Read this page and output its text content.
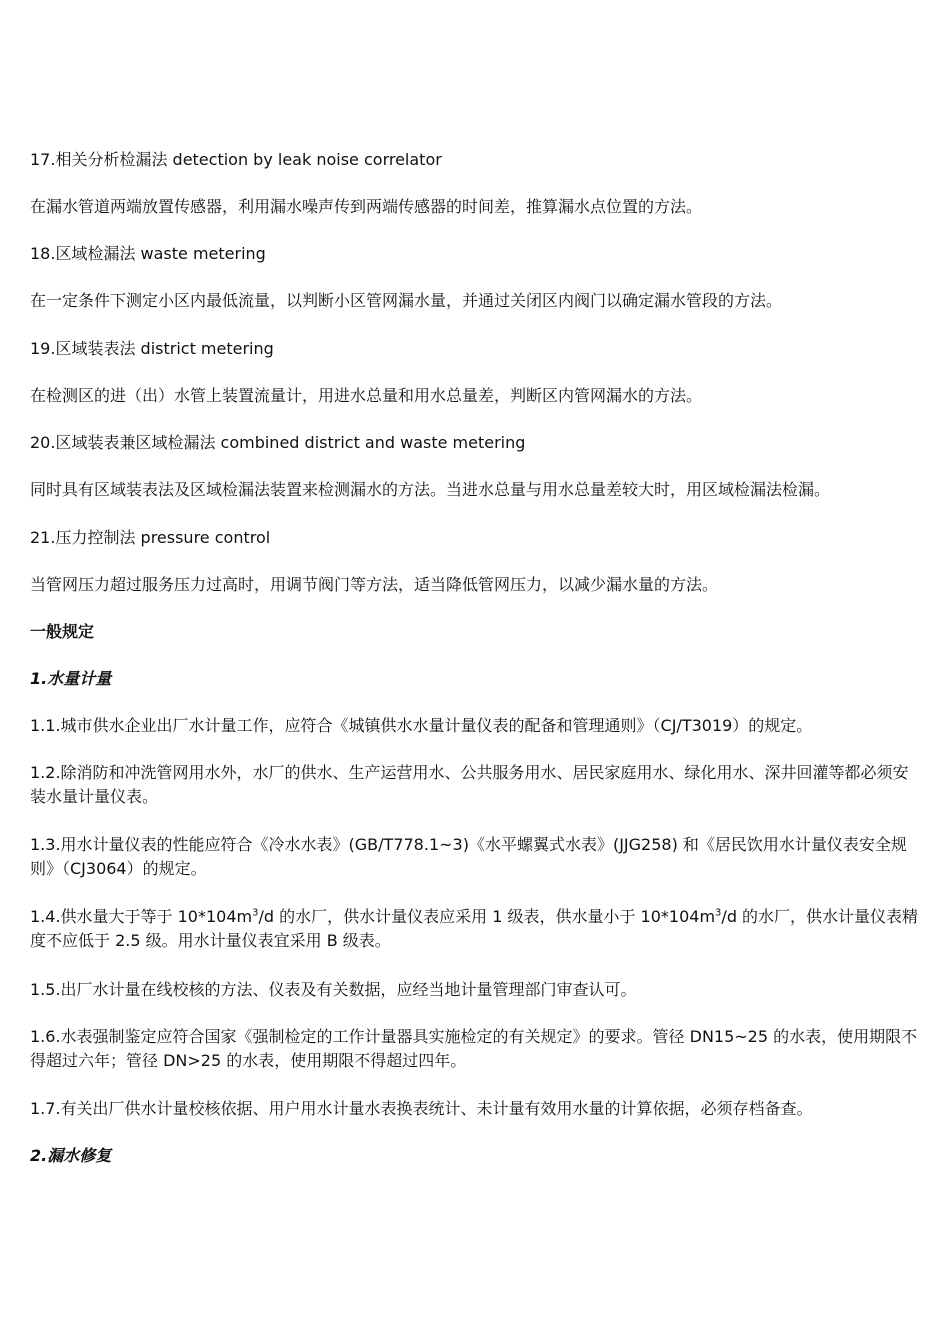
17.相关分析检漏法 detection by leak noise correlator

在漏水管道两端放置传感器，利用漏水噪声传到两端传感器的时间差，推算漏水点位置的方法。

18.区域检漏法 waste metering

在一定条件下测定小区内最低流量，以判断小区管网漏水量，并通过关闭区内阀门以确定漏水管段的方法。

19.区域装表法 district metering

在检测区的进（出）水管上装置流量计，用进水总量和用水总量差，判断区内管网漏水的方法。

20.区域装表兼区域检漏法 combined district and waste metering

同时具有区域装表法及区域检漏法装置来检测漏水的方法。当进水总量与用水总量差较大时，用区域检漏法检漏。

21.压力控制法 pressure control

当管网压力超过服务压力过高时，用调节阀门等方法，适当降低管网压力，以减少漏水量的方法。

一般规定

1.水量计量

1.1.城市供水企业出厂水计量工作，应符合《城镇供水水量计量仪表的配备和管理通则》（CJ/T3019）的规定。

1.2.除消防和冲洗管网用水外，水厂的供水、生产运营用水、公共服务用水、居民家庭用水、绿化用水、深井回灌等都必须安装水量计量仪表。

1.3.用水计量仪表的性能应符合《冷水水表》(GB/T778.1~3)《水平螺翼式水表》(JJG258) 和《居民饮用水计量仪表安全规则》（CJ3064）的规定。

1.4.供水量大于等于 $10*104m^3/d$ 的水厂，供水计量仪表应采用 1 级表，供水量小于 $10*104m^3/d$ 的水厂，供水计量仪表精度不应低于 2.5 级。用水计量仪表宜采用 B 级表。

1.5.出厂水计量在线校核的方法、仪表及有关数据，应经当地计量管理部门审查认可。

1.6.水表强制鉴定应符合国家《强制检定的工作计量器具实施检定的有关规定》的要求。管径 DN15~25 的水表，使用期限不得超过六年；管径 DN>25 的水表，使用期限不得超过四年。

1.7.有关出厂供水计量校核依据、用户用水计量水表换表统计、未计量有效用水量的计算依据，必须存档备查。

2.漏水修复
